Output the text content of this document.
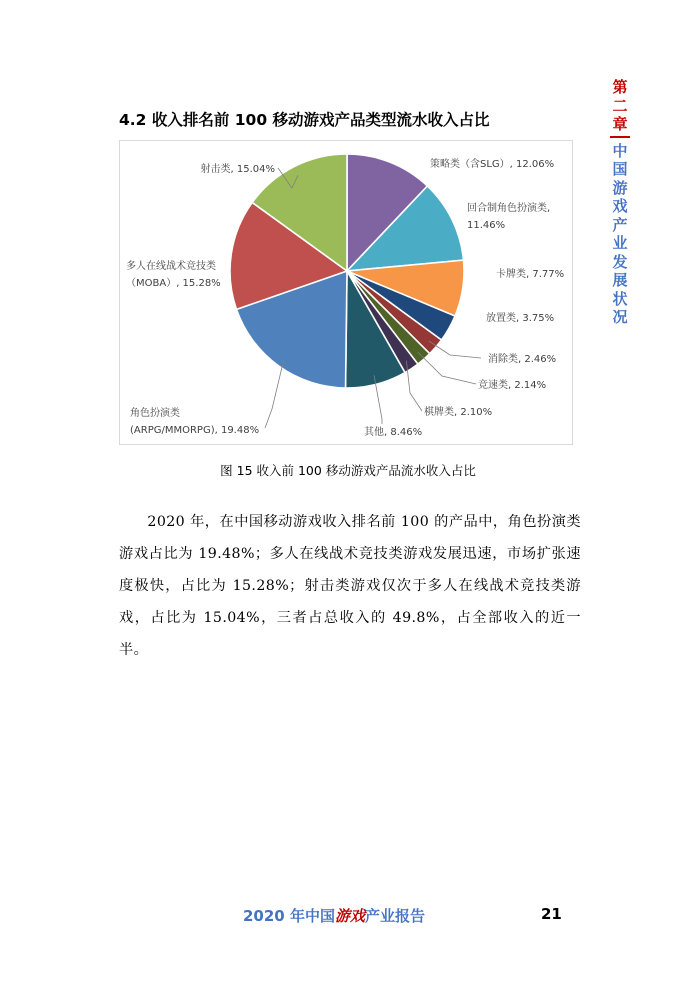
第
二
章
中
国
游
戏
产
业
发
展
状
况
4.2 收入排名前 100 移动游戏产品类型流水收入占比
策略类（含SLG）, 12.06%
回合制角色扮演类, 11.46%
卡牌类, 7.77%
放置类, 3.75%
消除类, 2.46%
竞速类, 2.14%
棋牌类, 2.10%
其他, 8.46%
角色扮演类(ARPG/MMORPG), 19.48%
多人在线战术竞技类（MOBA）, 15.28%
射击类, 15.04%
图 15 收入前 100 移动游戏产品流水收入占比

2020 年，在中国移动游戏收入排名前 100 的产品中，角色扮演类游戏占比为 19.48%；多人在线战术竞技类游戏发展迅速，市场扩张速度极快，占比为 15.28%；射击类游戏仅次于多人在线战术竞技类游戏，占比为 15.04%，三者占总收入的 49.8%，占全部收入的近一半。

2020 年中国游戏产业报告	21
